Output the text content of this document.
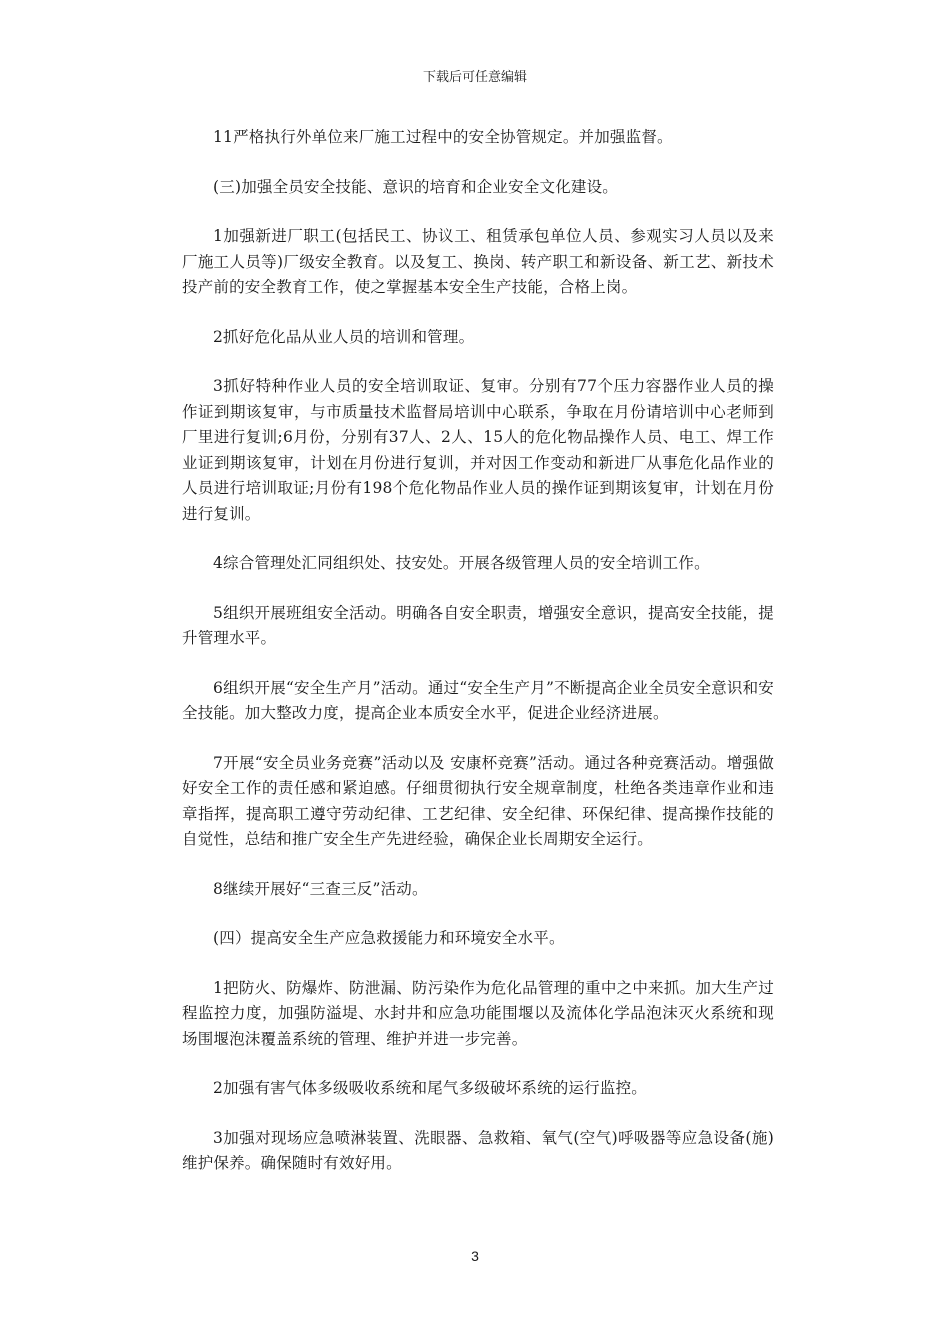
下载后可任意编辑

11严格执行外单位来厂施工过程中的安全协管规定。并加强监督。

(三)加强全员安全技能、意识的培育和企业安全文化建设。

1加强新进厂职工(包括民工、协议工、租赁承包单位人员、参观实习人员以及来厂施工人员等)厂级安全教育。以及复工、换岗、转产职工和新设备、新工艺、新技术投产前的安全教育工作，使之掌握基本安全生产技能，合格上岗。

2抓好危化品从业人员的培训和管理。

3抓好特种作业人员的安全培训取证、复审。分别有77个压力容器作业人员的操作证到期该复审，与市质量技术监督局培训中心联系，争取在月份请培训中心老师到厂里进行复训;6月份，分别有37人、2人、15人的危化物品操作人员、电工、焊工作业证到期该复审，计划在月份进行复训，并对因工作变动和新进厂从事危化品作业的人员进行培训取证;月份有198个危化物品作业人员的操作证到期该复审，计划在月份进行复训。

4综合管理处汇同组织处、技安处。开展各级管理人员的安全培训工作。

5组织开展班组安全活动。明确各自安全职责，增强安全意识，提高安全技能，提升管理水平。

6组织开展“安全生产月”活动。通过“安全生产月”不断提高企业全员安全意识和安全技能。加大整改力度，提高企业本质安全水平，促进企业经济进展。

7开展“安全员业务竞赛”活动以及 安康杯竞赛”活动。通过各种竞赛活动。增强做好安全工作的责任感和紧迫感。仔细贯彻执行安全规章制度，杜绝各类违章作业和违章指挥，提高职工遵守劳动纪律、工艺纪律、安全纪律、环保纪律、提高操作技能的自觉性，总结和推广安全生产先进经验，确保企业长周期安全运行。

8继续开展好“三查三反”活动。

(四）提高安全生产应急救援能力和环境安全水平。

1把防火、防爆炸、防泄漏、防污染作为危化品管理的重中之中来抓。加大生产过程监控力度，加强防溢堤、水封井和应急功能围堰以及流体化学品泡沫灭火系统和现场围堰泡沫覆盖系统的管理、维护并进一步完善。

2加强有害气体多级吸收系统和尾气多级破坏系统的运行监控。

3加强对现场应急喷淋装置、洗眼器、急救箱、氧气(空气)呼吸器等应急设备(施)维护保养。确保随时有效好用。

3
